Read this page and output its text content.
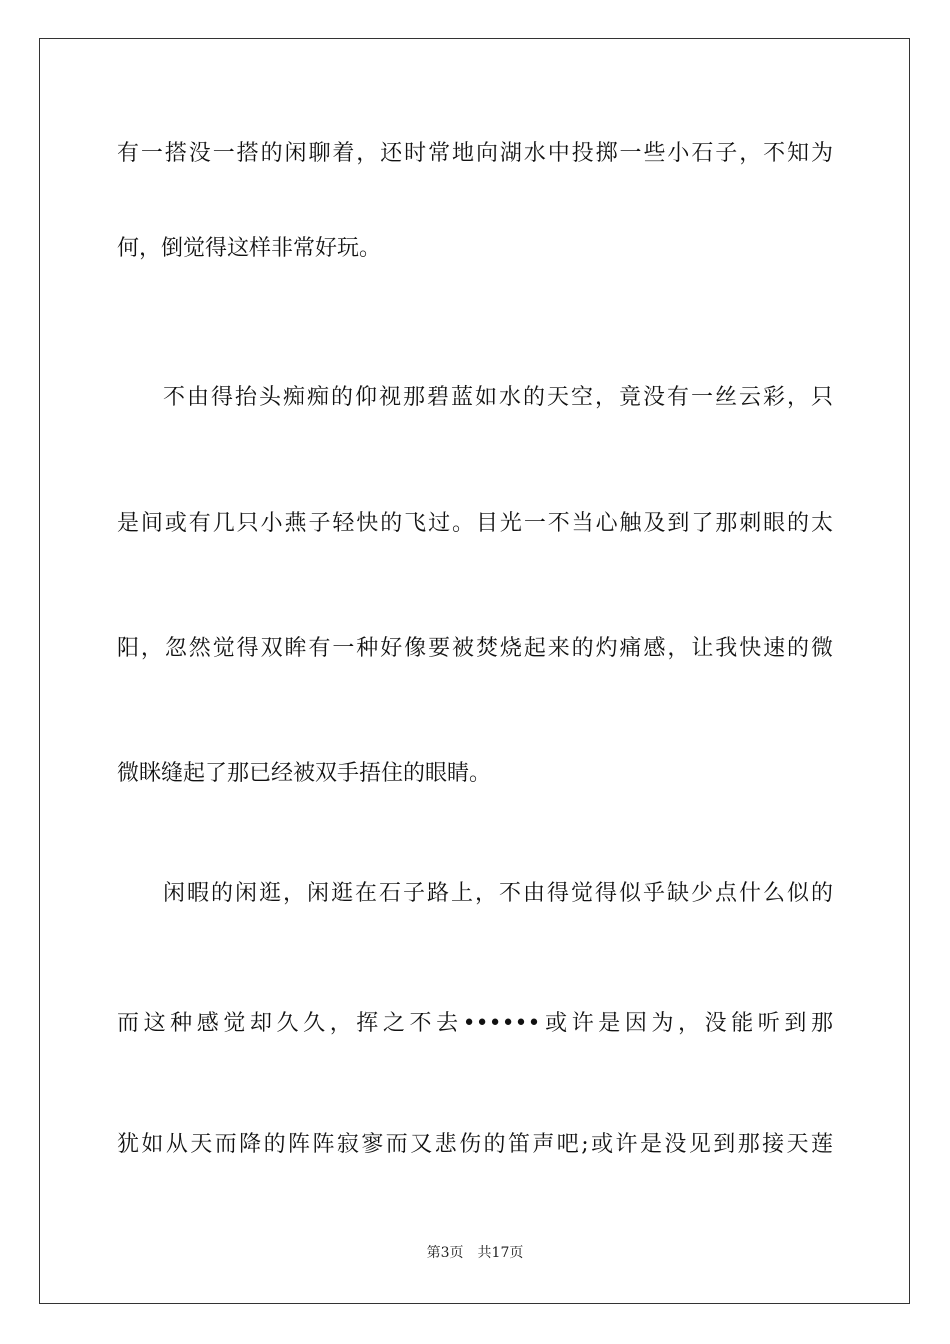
有一搭没一搭的闲聊着，还时常地向湖水中投掷一些小石子，不知为
何，倒觉得这样非常好玩。
不由得抬头痴痴的仰视那碧蓝如水的天空，竟没有一丝云彩，只
是间或有几只小燕子轻快的飞过。目光一不当心触及到了那刺眼的太
阳，忽然觉得双眸有一种好像要被焚烧起来的灼痛感，让我快速的微
微眯缝起了那已经被双手捂住的眼睛。
闲暇的闲逛，闲逛在石子路上，不由得觉得似乎缺少点什么似的
而这种感觉却久久，挥之不去••••••或许是因为，没能听到那
犹如从天而降的阵阵寂寥而又悲伤的笛声吧;或许是没见到那接天莲
第3页 共17页
